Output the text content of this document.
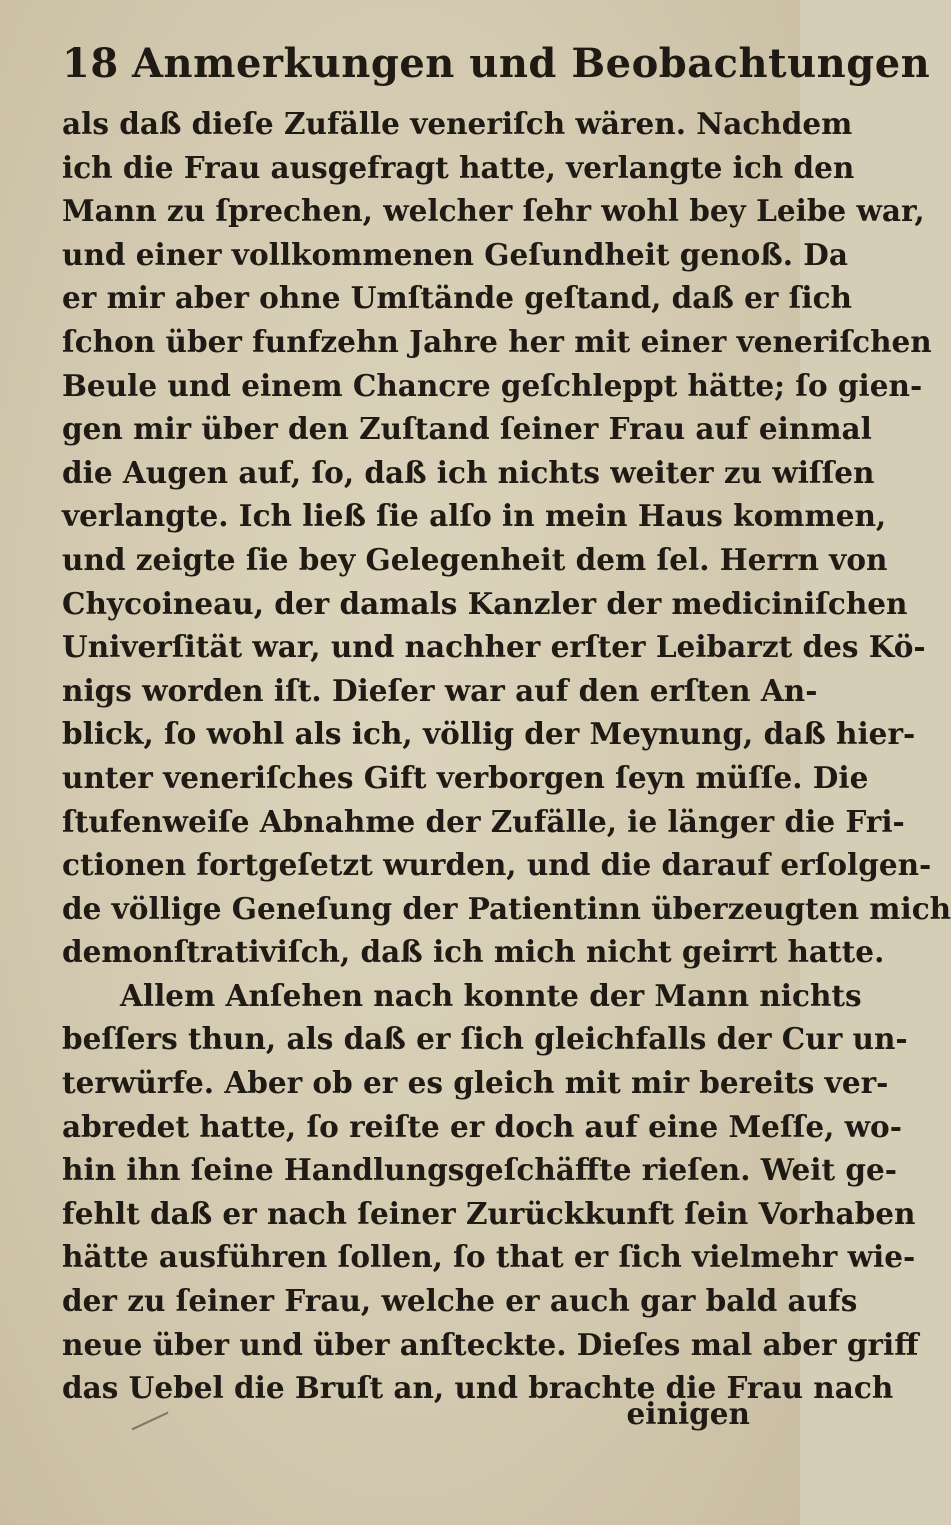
18 Anmerkungen und Beobachtungen
als daß dieſe Zufälle veneriſch wären. Nachdem
ich die Frau ausgefragt hatte, verlangte ich den
Mann zu ſprechen, welcher ſehr wohl bey Leibe war,
und einer vollkommenen Geſundheit genoß. Da
er mir aber ohne Umſtände geſtand, daß er ſich
ſchon über funfzehn Jahre her mit einer veneriſchen
Beule und einem Chancre geſchleppt hätte; ſo gien-
gen mir über den Zuſtand ſeiner Frau auf einmal
die Augen auf, ſo, daß ich nichts weiter zu wiſſen
verlangte. Ich ließ ſie alſo in mein Haus kommen,
und zeigte ſie bey Gelegenheit dem ſel. Herrn von
Chycoineau, der damals Kanzler der mediciniſchen
Univerſität war, und nachher erſter Leibarzt des Kö-
nigs worden iſt. Dieſer war auf den erſten An-
blick, ſo wohl als ich, völlig der Meynung, daß hier-
unter veneriſches Gift verborgen ſeyn müſſe. Die
ſtufenweiſe Abnahme der Zufälle, ie länger die Fri-
ctionen fortgeſetzt wurden, und die darauf erſolgen-
de völlige Geneſung der Patientinn überzeugten mich
demonſtrativiſch, daß ich mich nicht geirrt hatte.
Allem Anſehen nach konnte der Mann nichts
beſſers thun, als daß er ſich gleichfalls der Cur un-
terwürfe. Aber ob er es gleich mit mir bereits ver-
abredet hatte, ſo reiſte er doch auf eine Meſſe, wo-
hin ihn ſeine Handlungsgeſchäffte rieſen. Weit ge-
fehlt daß er nach ſeiner Zurückkunft ſein Vorhaben
hätte ausführen ſollen, ſo that er ſich vielmehr wie-
der zu ſeiner Frau, welche er auch gar bald aufs
neue über und über anſteckte. Dieſes mal aber griff
das Uebel die Bruſt an, und brachte die Frau nach
einigen
